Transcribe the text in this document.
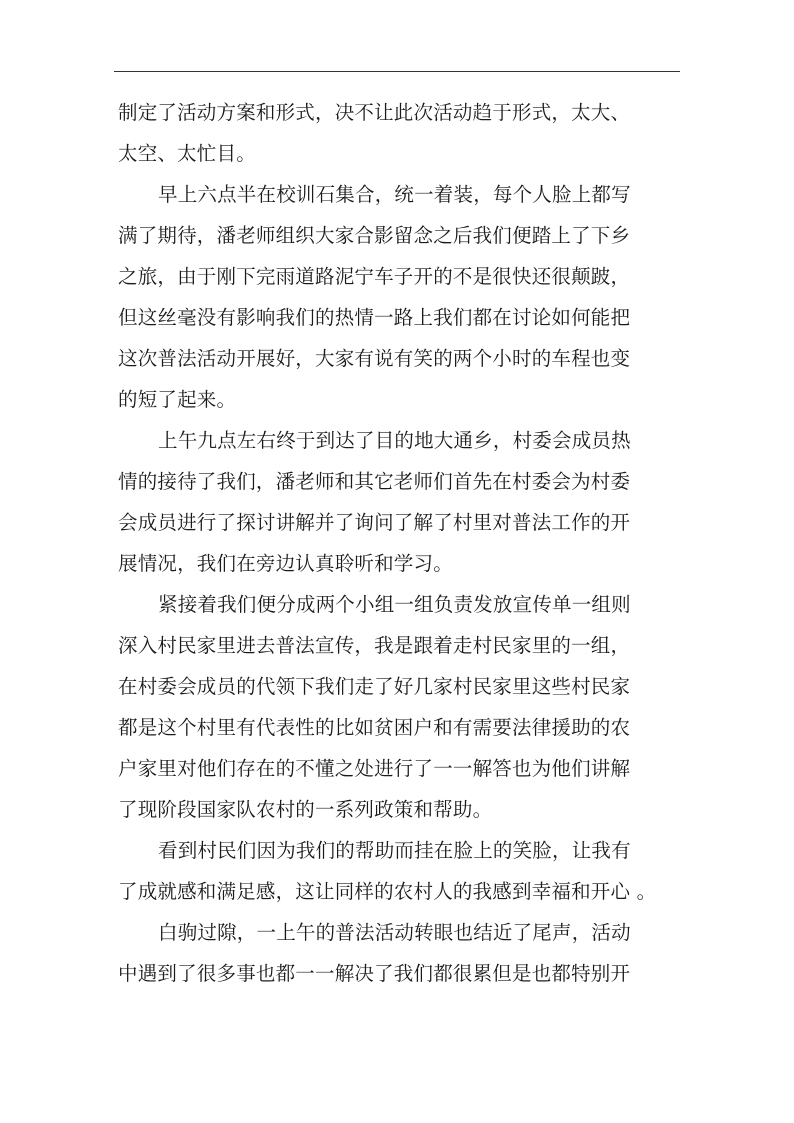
制定了活动方案和形式，决不让此次活动趋于形式，太大、
太空、太忙目。
早上六点半在校训石集合，统一着装，每个人脸上都写
满了期待，潘老师组织大家合影留念之后我们便踏上了下乡
之旅，由于刚下完雨道路泥宁车子开的不是很快还很颠跛，
但这丝毫没有影响我们的热情一路上我们都在讨论如何能把
这次普法活动开展好，大家有说有笑的两个小时的车程也变
的短了起来。
上午九点左右终于到达了目的地大通乡，村委会成员热
情的接待了我们，潘老师和其它老师们首先在村委会为村委
会成员进行了探讨讲解并了询问了解了村里对普法工作的开
展情况，我们在旁边认真聆听和学习。
紧接着我们便分成两个小组一组负责发放宣传单一组则
深入村民家里进去普法宣传，我是跟着走村民家里的一组，
在村委会成员的代领下我们走了好几家村民家里这些村民家
都是这个村里有代表性的比如贫困户和有需要法律援助的农
户家里对他们存在的不懂之处进行了一一解答也为他们讲解
了现阶段国家队农村的一系列政策和帮助。
看到村民们因为我们的帮助而挂在脸上的笑脸，让我有
了成就感和满足感，这让同样的农村人的我感到幸福和开心 。
白驹过隙，一上午的普法活动转眼也结近了尾声，活动
中遇到了很多事也都一一解决了我们都很累但是也都特别开
